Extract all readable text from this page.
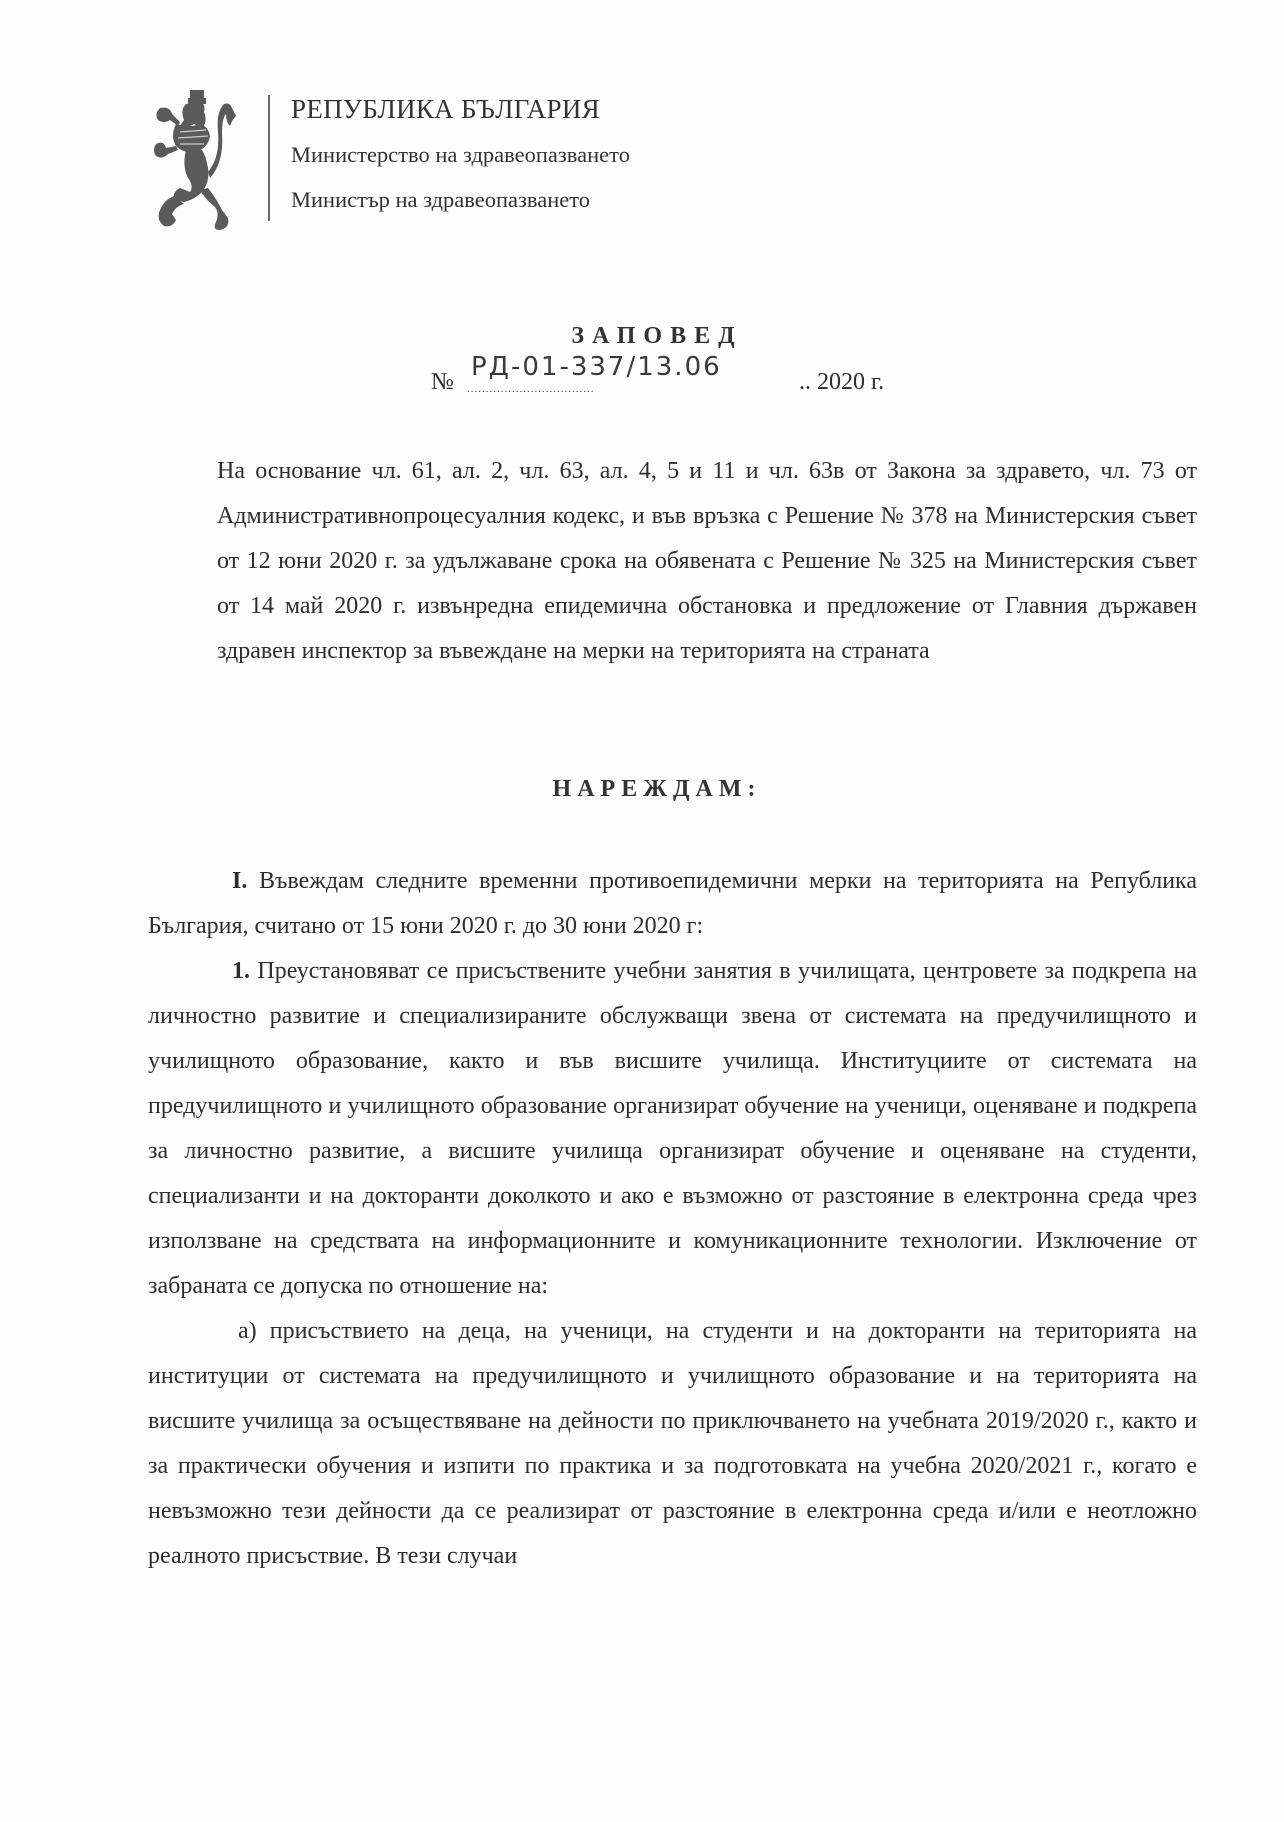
РЕПУБЛИКА БЪЛГАРИЯ
Министерство на здравеопазването
Министър на здравеопазването
ЗАПОВЕД
№ РД-01-337/13.06
..................................	.. 2020 г.
На основание чл. 61, ал. 2, чл. 63, ал. 4, 5 и 11 и чл. 63в от Закона за здравето, чл. 73 от Административнопроцесуалния кодекс, и във връзка с Решение № 378 на Министерския съвет от 12 юни 2020 г. за удължаване срока на обявената с Решение № 325 на Министерския съвет от 14 май 2020 г. извънредна епидемична обстановка и предложение от Главния държавен здравен инспектор за въвеждане на мерки на територията на страната
НАРЕЖДАМ:

I. Въвеждам следните временни противоепидемични мерки на територията на Република България, считано от 15 юни 2020 г. до 30 юни 2020 г:

1. Преустановяват се присъствените учебни занятия в училищата, центровете за подкрепа на личностно развитие и специализираните обслужващи звена от системата на предучилищното и училищното образование, както и във висшите училища. Институциите от системата на предучилищното и училищното образование организират обучение на ученици, оценяване и подкрепа за личностно развитие, а висшите училища организират обучение и оценяване на студенти, специализанти и на докторанти доколкото и ако е възможно от разстояние в електронна среда чрез използване на средствата на информационните и комуникационните технологии. Изключение от забраната се допуска по отношение на:

а) присъствието на деца, на ученици, на студенти и на докторанти на територията на институции от системата на предучилищното и училищното образование и на територията на висшите училища за осъществяване на дейности по приключването на учебната 2019/2020 г., както и за практически обучения и изпити по практика и за подготовката на учебна 2020/2021 г., когато е невъзможно тези дейности да се реализират от разстояние в електронна среда и/или е неотложно реалното присъствие. В тези случаи
